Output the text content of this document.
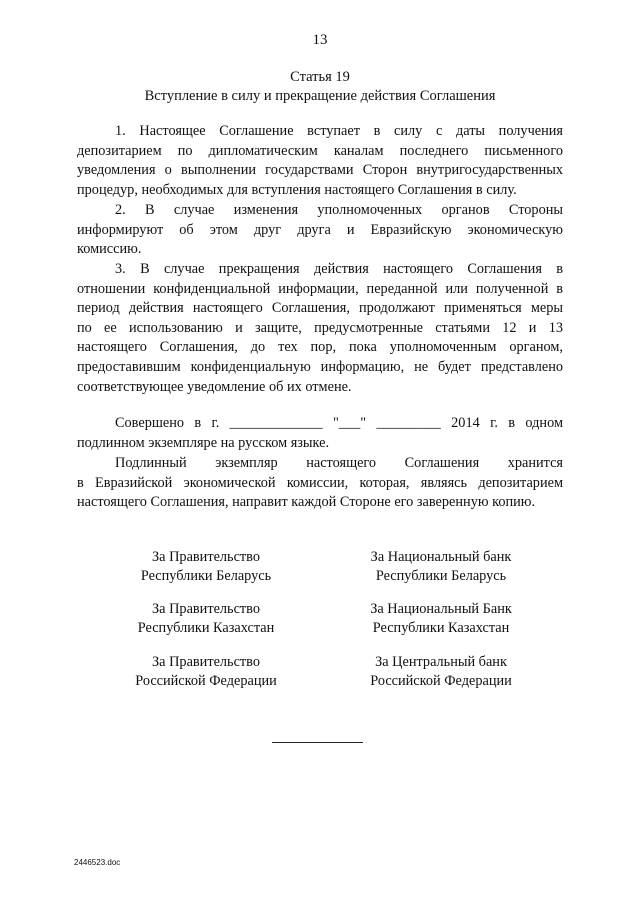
13
Статья 19
Вступление в силу и прекращение действия Соглашения
1. Настоящее Соглашение вступает в силу с даты получения
депозитарием по дипломатическим каналам последнего письменного
уведомления о выполнении государствами Сторон внутригосударственных
процедур, необходимых для вступления настоящего Соглашения в силу.
2. В случае изменения уполномоченных органов Стороны
информируют об этом друг друга и Евразийскую экономическую
комиссию.
3. В случае прекращения действия настоящего Соглашения в
отношении конфиденциальной информации, переданной или полученной в
период действия настоящего Соглашения, продолжают применяться меры
по ее использованию и защите, предусмотренные статьями 12 и 13
настоящего Соглашения, до тех пор, пока уполномоченным органом,
предоставившим конфиденциальную информацию, не будет представлено
соответствующее уведомление об их отмене.
Совершено в г. _____________ "___" _________ 2014 г. в одном
подлинном экземпляре на русском языке.
Подлинный экземпляр настоящего Соглашения хранится
в Евразийской экономической комиссии, которая, являясь депозитарием
настоящего Соглашения, направит каждой Стороне его заверенную копию.
За Правительство
Республики Беларусь
За Правительство
Республики Казахстан
За Правительство
Российской Федерации
За Национальный банк
Республики Беларусь
За Национальный Банк
Республики Казахстан
За Центральный банк
Российской Федерации
2446523.doc
